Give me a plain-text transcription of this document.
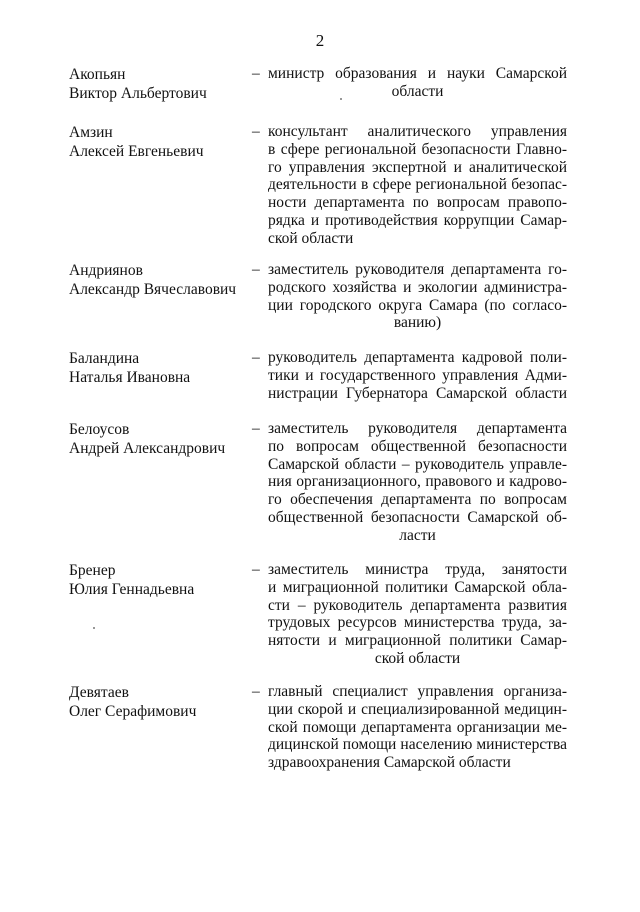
2
Акопьян
Виктор Альбертович
– министр образования и науки Самарской
области
Амзин
Алексей Евгеньевич
– консультант аналитического управления
в сфере региональной безопасности Главно-
го управления экспертной и аналитической
деятельности в сфере региональной безопас-
ности департамента по вопросам правопо-
рядка и противодействия коррупции Самар-
ской области
Андриянов
Александр Вячеславович
– заместитель руководителя департамента го-
родского хозяйства и экологии админиcтра-
ции городского округа Самара (по согласо-
ванию)
Баландина
Наталья Ивановна
– руководитель департамента кадровой поли-
тики и государственного управления Адми-
нистрации Губернатора Самарской области
Белоусов
Андрей Александрович
– заместитель руководителя департамента
по вопросам общественной безопасности
Самарской области – руководитель управле-
ния организационного, правового и кадрово-
го обеспечения департамента по вопросам
общественной безопасности Самарской об-
ласти
Бренер
Юлия Геннадьевна
– заместитель министра труда, занятости
и миграционной политики Самарской обла-
сти – руководитель департамента развития
трудовых ресурсов министерства труда, за-
нятости и миграционной политики Самар-
ской области
Девятаев
Олег Серафимович
– главный специалист управления организа-
ции скорой и специализированной медицин-
ской помощи департамента организации ме-
дицинской помощи населению министерства
здравоохранения Самарской области
